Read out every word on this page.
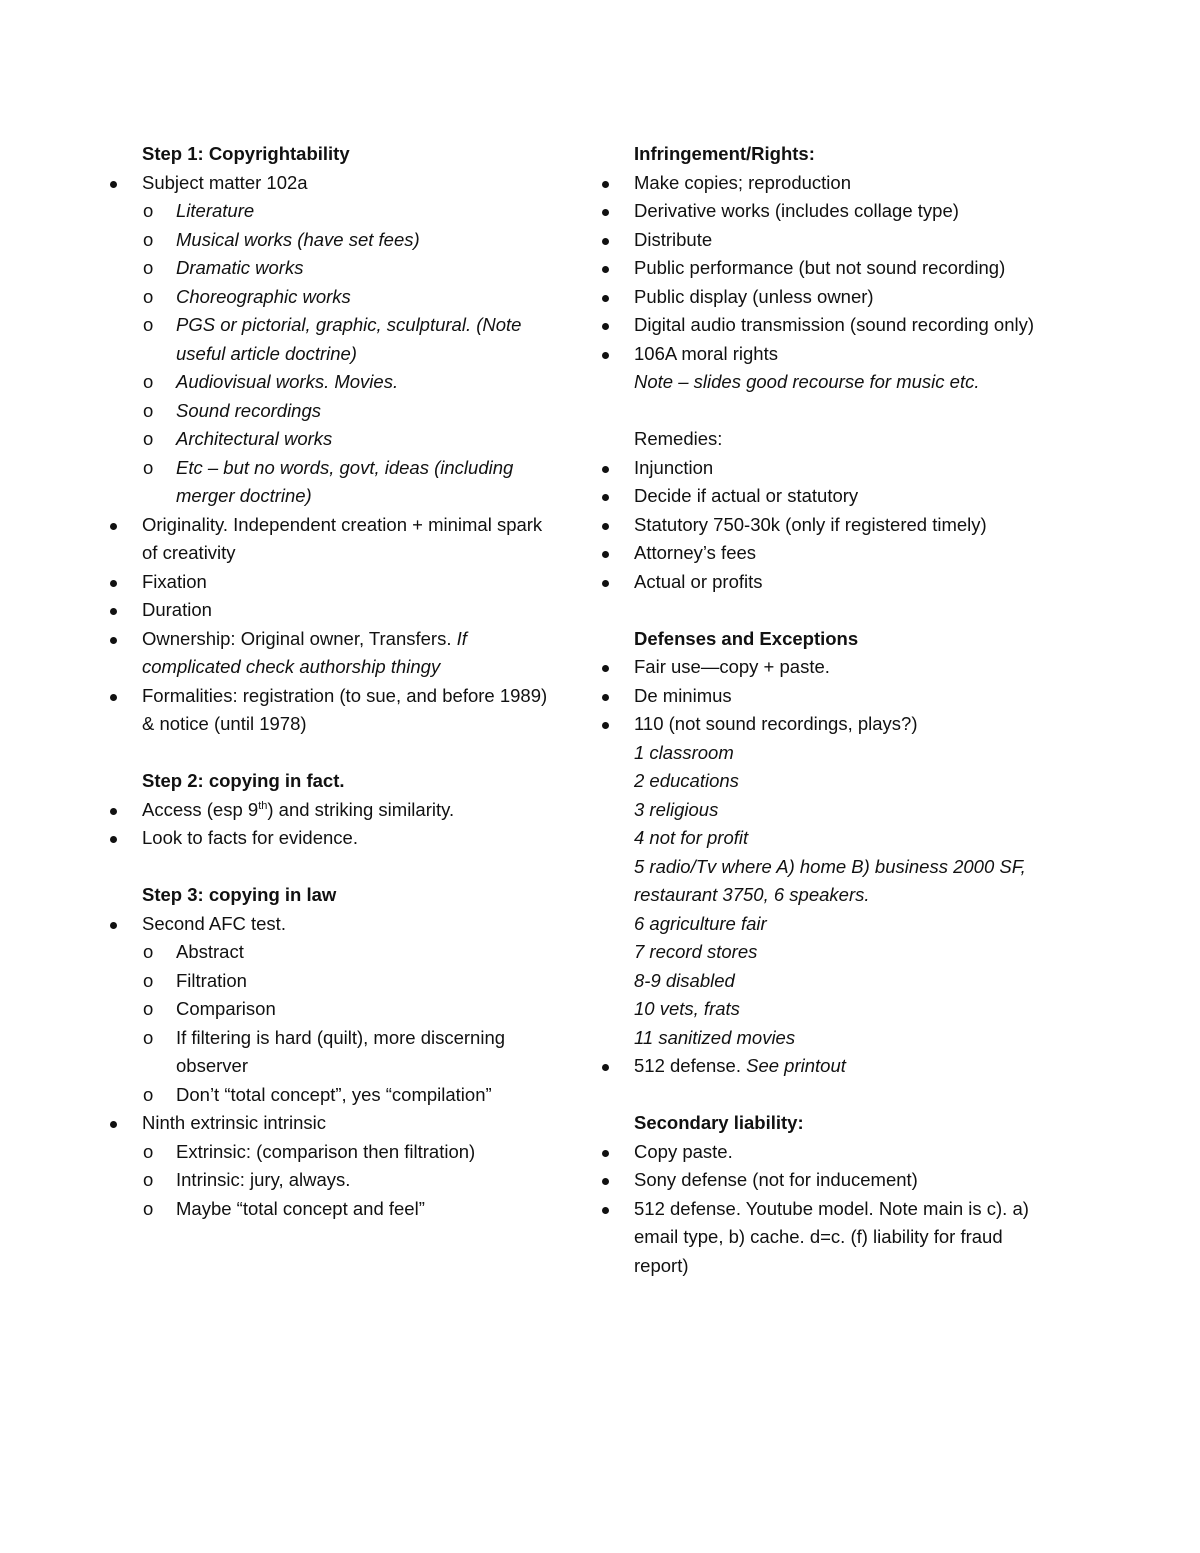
Step 1: Copyrightability
Subject matter 102a
o Literature
o Musical works (have set fees)
o Dramatic works
o Choreographic works
o PGS or pictorial, graphic, sculptural. (Note useful article doctrine)
o Audiovisual works. Movies.
o Sound recordings
o Architectural works
o Etc – but no words, govt, ideas (including merger doctrine)
Originality. Independent creation + minimal spark of creativity
Fixation
Duration
Ownership: Original owner, Transfers. If complicated check authorship thingy
Formalities: registration (to sue, and before 1989) & notice (until 1978)
Step 2: copying in fact.
Access (esp 9th) and striking similarity.
Look to facts for evidence.
Step 3: copying in law
Second AFC test.
o Abstract
o Filtration
o Comparison
o If filtering is hard (quilt), more discerning observer
o Don’t “total concept”, yes “compilation”
Ninth extrinsic intrinsic
o Extrinsic: (comparison then filtration)
o Intrinsic: jury, always.
o Maybe “total concept and feel”
Infringement/Rights:
Make copies; reproduction
Derivative works (includes collage type)
Distribute
Public performance (but not sound recording)
Public display (unless owner)
Digital audio transmission (sound recording only)
106A moral rights
Note – slides good recourse for music etc.
Remedies:
Injunction
Decide if actual or statutory
Statutory 750-30k (only if registered timely)
Attorney’s fees
Actual or profits
Defenses and Exceptions
Fair use—copy + paste.
De minimus
110 (not sound recordings, plays?)
1 classroom
2 educations
3 religious
4 not for profit
5 radio/Tv where A) home B) business 2000 SF, restaurant 3750, 6 speakers.
6 agriculture fair
7 record stores
8-9 disabled
10 vets, frats
11 sanitized movies
512 defense. See printout
Secondary liability:
Copy paste.
Sony defense (not for inducement)
512 defense. Youtube model. Note main is c). a) email type, b) cache. d=c. (f) liability for fraud report)
